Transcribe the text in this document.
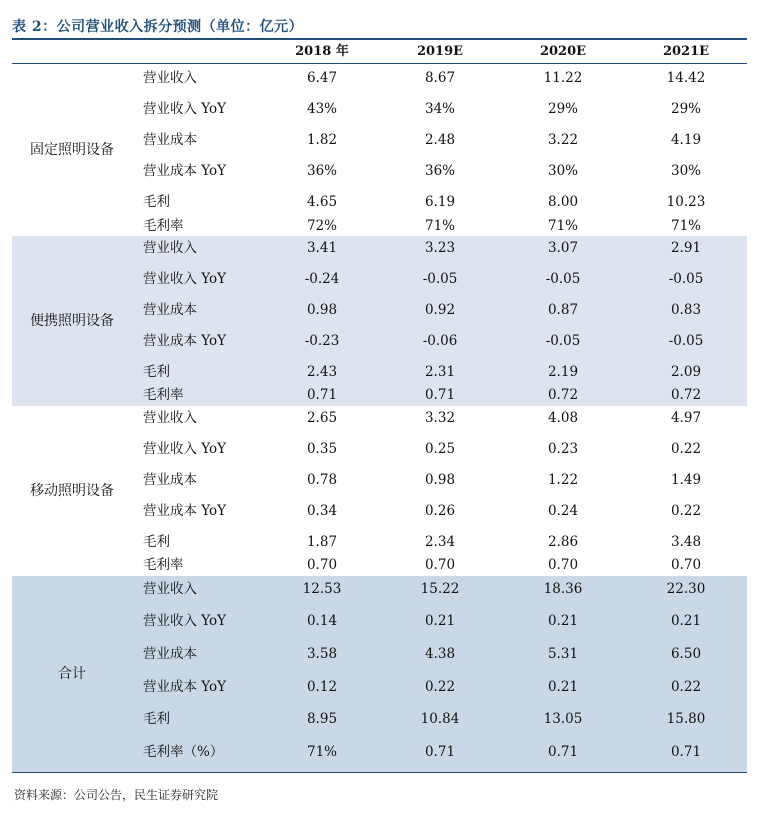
表 2：公司营业收入拆分预测（单位：亿元）
2018 年	2019E	2020E	2021E
固定照明设备
营业收入	6.47	8.67	11.22	14.42
营业收入 YoY	43%	34%	29%	29%
营业成本	1.82	2.48	3.22	4.19
营业成本 YoY	36%	36%	30%	30%
毛利	4.65	6.19	8.00	10.23
毛利率	72%	71%	71%	71%
便携照明设备
营业收入	3.41	3.23	3.07	2.91
营业收入 YoY	-0.24	-0.05	-0.05	-0.05
营业成本	0.98	0.92	0.87	0.83
营业成本 YoY	-0.23	-0.06	-0.05	-0.05
毛利	2.43	2.31	2.19	2.09
毛利率	0.71	0.71	0.72	0.72
移动照明设备
营业收入	2.65	3.32	4.08	4.97
营业收入 YoY	0.35	0.25	0.23	0.22
营业成本	0.78	0.98	1.22	1.49
营业成本 YoY	0.34	0.26	0.24	0.22
毛利	1.87	2.34	2.86	3.48
毛利率	0.70	0.70	0.70	0.70
合计
营业收入	12.53	15.22	18.36	22.30
营业收入 YoY	0.14	0.21	0.21	0.21
营业成本	3.58	4.38	5.31	6.50
营业成本 YoY	0.12	0.22	0.21	0.22
毛利	8.95	10.84	13.05	15.80
毛利率（%）	71%	0.71	0.71	0.71
资料来源：公司公告，民生证券研究院
